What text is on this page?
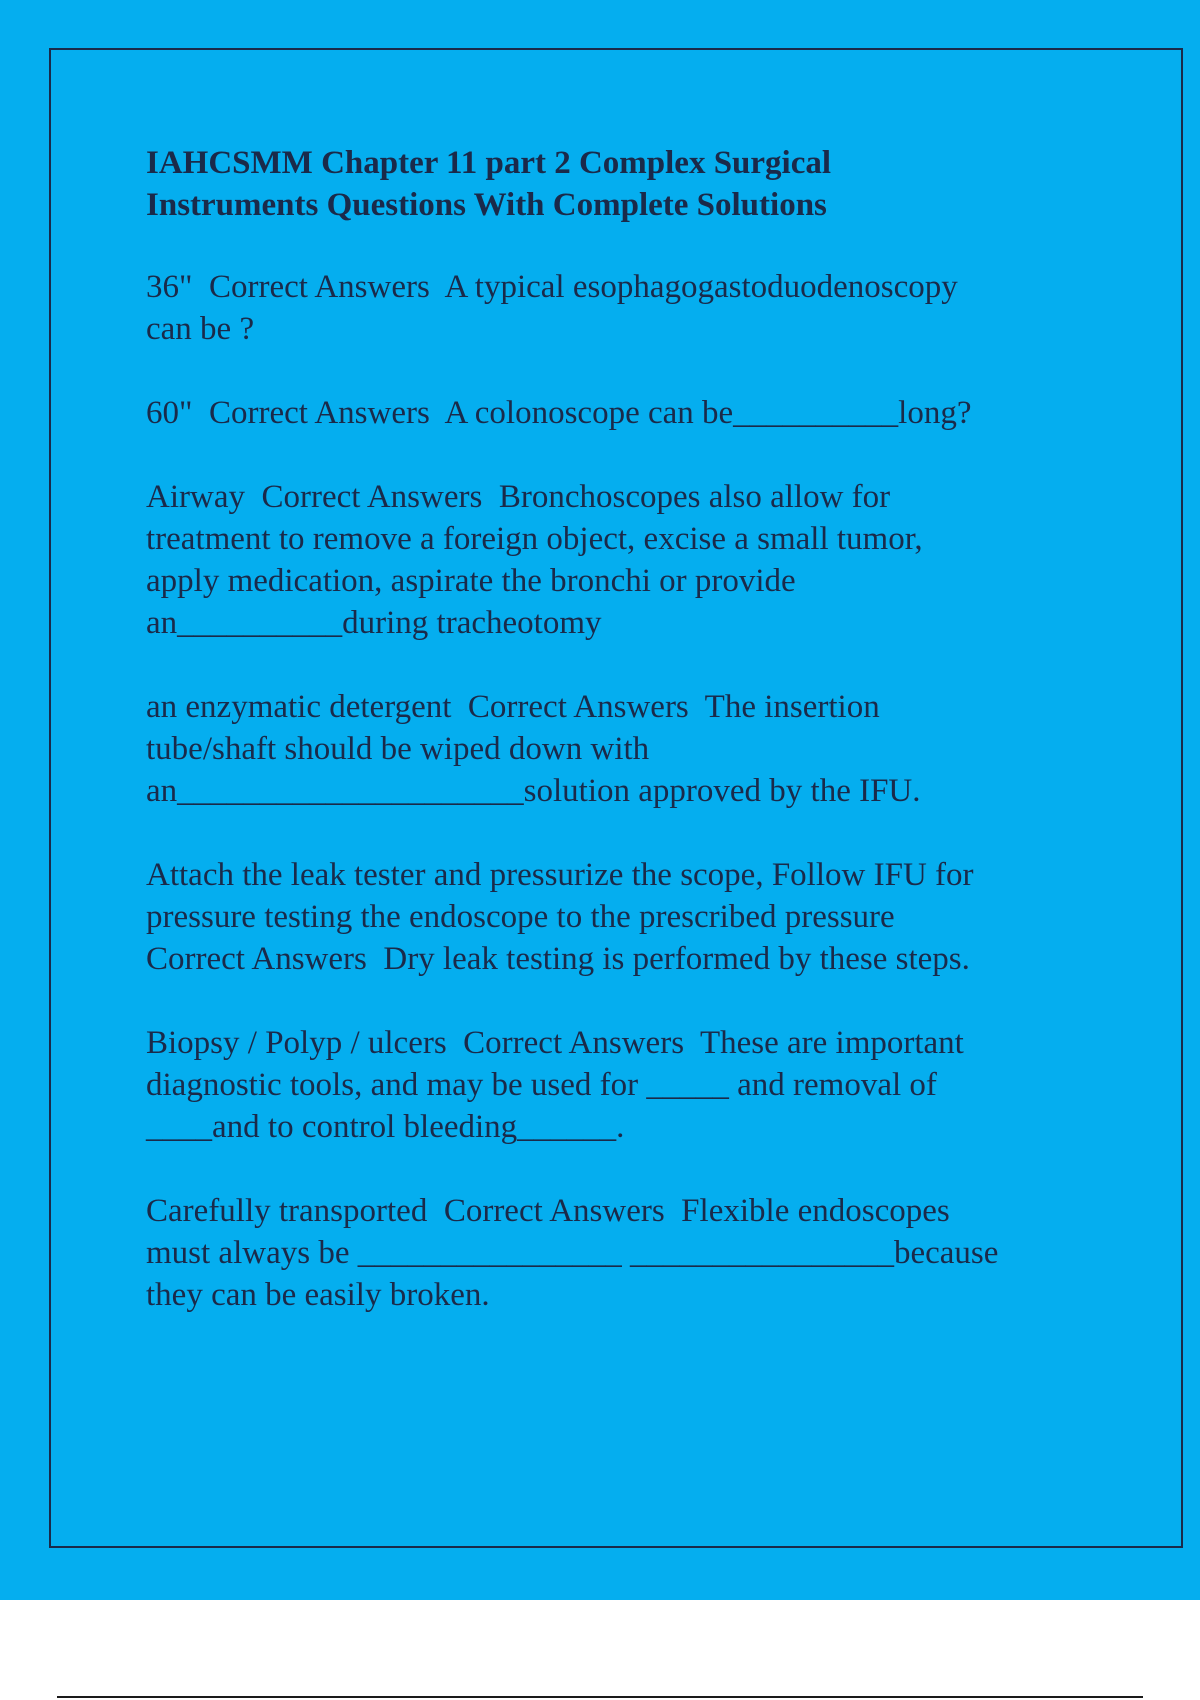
IAHCSMM Chapter 11 part 2 Complex Surgical
Instruments Questions With Complete Solutions

36"  Correct Answers  A typical esophagogastoduodenoscopy
can be ?

60"  Correct Answers  A colonoscope can be__________long?

Airway  Correct Answers  Bronchoscopes also allow for
treatment to remove a foreign object, excise a small tumor,
apply medication, aspirate the bronchi or provide
an__________during tracheotomy

an enzymatic detergent  Correct Answers  The insertion
tube/shaft should be wiped down with
an_____________________solution approved by the IFU.

Attach the leak tester and pressurize the scope, Follow IFU for
pressure testing the endoscope to the prescribed pressure
Correct Answers  Dry leak testing is performed by these steps.

Biopsy / Polyp / ulcers  Correct Answers  These are important
diagnostic tools, and may be used for _____ and removal of
____and to control bleeding______.

Carefully transported  Correct Answers  Flexible endoscopes
must always be ________________ ________________because
they can be easily broken.
